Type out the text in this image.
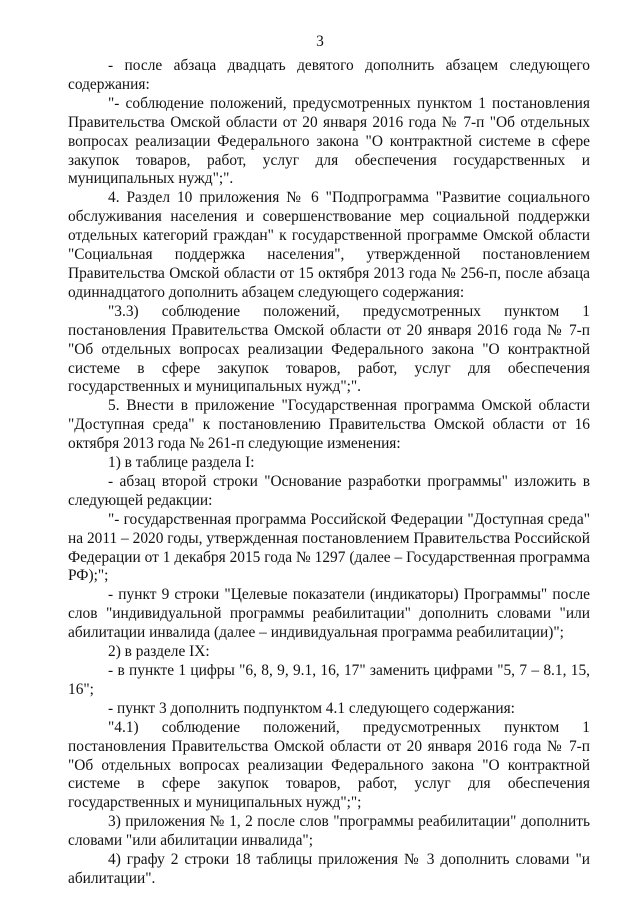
3

- после абзаца двадцать девятого дополнить абзацем следующего содержания:

"- соблюдение положений, предусмотренных пунктом 1 постановления Правительства Омской области от 20 января 2016 года № 7-п "Об отдельных вопросах реализации Федерального закона "О контрактной системе в сфере закупок товаров, работ, услуг для обеспечения государственных и муниципальных нужд";".

4. Раздел 10 приложения № 6 "Подпрограмма "Развитие социального обслуживания населения и совершенствование мер социальной поддержки отдельных категорий граждан" к государственной программе Омской области "Социальная поддержка населения", утвержденной постановлением Правительства Омской области от 15 октября 2013 года № 256-п, после абзаца одиннадцатого дополнить абзацем следующего содержания:

"3.3) соблюдение положений, предусмотренных пунктом 1 постановления Правительства Омской области от 20 января 2016 года № 7-п "Об отдельных вопросах реализации Федерального закона "О контрактной системе в сфере закупок товаров, работ, услуг для обеспечения государственных и муниципальных нужд";".

5. Внести в приложение "Государственная программа Омской области "Доступная среда" к постановлению Правительства Омской области от 16 октября 2013 года № 261-п следующие изменения:

1) в таблице раздела I:

- абзац второй строки "Основание разработки программы" изложить в следующей редакции:

"- государственная программа Российской Федерации "Доступная среда" на 2011 – 2020 годы, утвержденная постановлением Правительства Российской Федерации от 1 декабря 2015 года № 1297 (далее – Государственная программа РФ);";

- пункт 9 строки "Целевые показатели (индикаторы) Программы" после слов "индивидуальной программы реабилитации" дополнить словами "или абилитации инвалида (далее – индивидуальная программа реабилитации)";

2) в разделе IX:

- в пункте 1 цифры "6, 8, 9, 9.1, 16, 17" заменить цифрами "5, 7 – 8.1, 15, 16";

- пункт 3 дополнить подпунктом 4.1 следующего содержания:

"4.1) соблюдение положений, предусмотренных пунктом 1 постановления Правительства Омской области от 20 января 2016 года № 7-п "Об отдельных вопросах реализации Федерального закона "О контрактной системе в сфере закупок товаров, работ, услуг для обеспечения государственных и муниципальных нужд";";

3) приложения № 1, 2 после слов "программы реабилитации" дополнить словами "или абилитации инвалида";

4) графу 2 строки 18 таблицы приложения № 3 дополнить словами "и абилитации".
